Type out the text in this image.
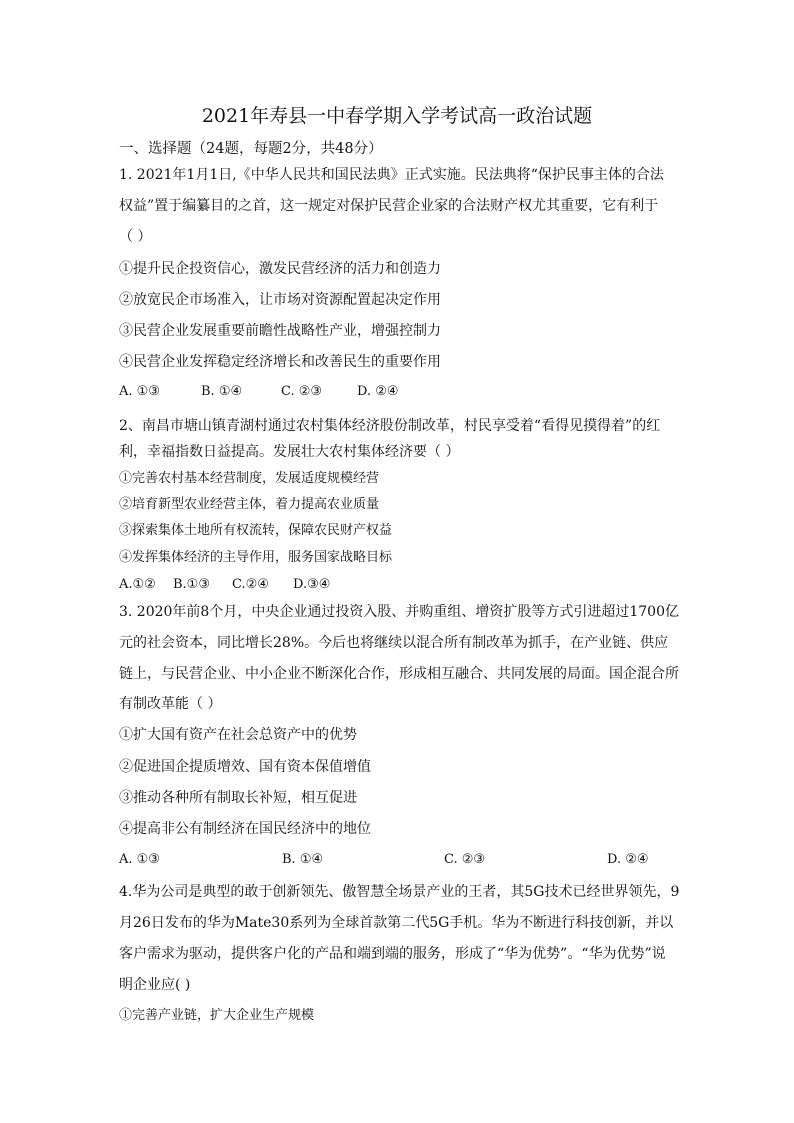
2021年寿县一中春学期入学考试高一政治试题
一、选择题（24题，每题2分，共48分）
1. 2021年1月1日,《中华人民共和国民法典》正式实施。民法典将“保护民事主体的合法
权益”置于编纂目的之首，这一规定对保护民营企业家的合法财产权尤其重要，它有利于
（ ）
①提升民企投资信心，激发民营经济的活力和创造力
②放宽民企市场准入，让市场对资源配置起决定作用
③民营企业发展重要前瞻性战略性产业，增强控制力
④民营企业发挥稳定经济增长和改善民生的重要作用
A. ①③	B. ①④	C. ②③	D. ②④
2、南昌市塘山镇青湖村通过农村集体经济股份制改革，村民享受着“看得见摸得着”的红
利，幸福指数日益提高。发展壮大农村集体经济要（ ）
①完善农村基本经营制度，发展适度规模经营
②培育新型农业经营主体，着力提高农业质量
③探索集体土地所有权流转，保障农民财产权益
④发挥集体经济的主导作用，服务国家战略目标
A.①② B.①③ C.②④ D.③④
3. 2020年前8个月，中央企业通过投资入股、并购重组、增资扩股等方式引进超过1700亿
元的社会资本，同比增长28%。今后也将继续以混合所有制改革为抓手，在产业链、供应
链上，与民营企业、中小企业不断深化合作，形成相互融合、共同发展的局面。国企混合所
有制改革能（ ）
①扩大国有资产在社会总资产中的优势
②促进国企提质增效、国有资本保值增值
③推动各种所有制取长补短，相互促进
④提高非公有制经济在国民经济中的地位
A. ①③	B. ①④	C. ②③	D. ②④
4.华为公司是典型的敢于创新领先、傲智慧全场景产业的王者，其5G技术已经世界领先，9
月26日发布的华为Mate30系列为全球首款第二代5G手机。华为不断进行科技创新，并以
客户需求为驱动，提供客户化的产品和端到端的服务，形成了“华为优势”。“华为优势”说
明企业应( )
①完善产业链，扩大企业生产规模
